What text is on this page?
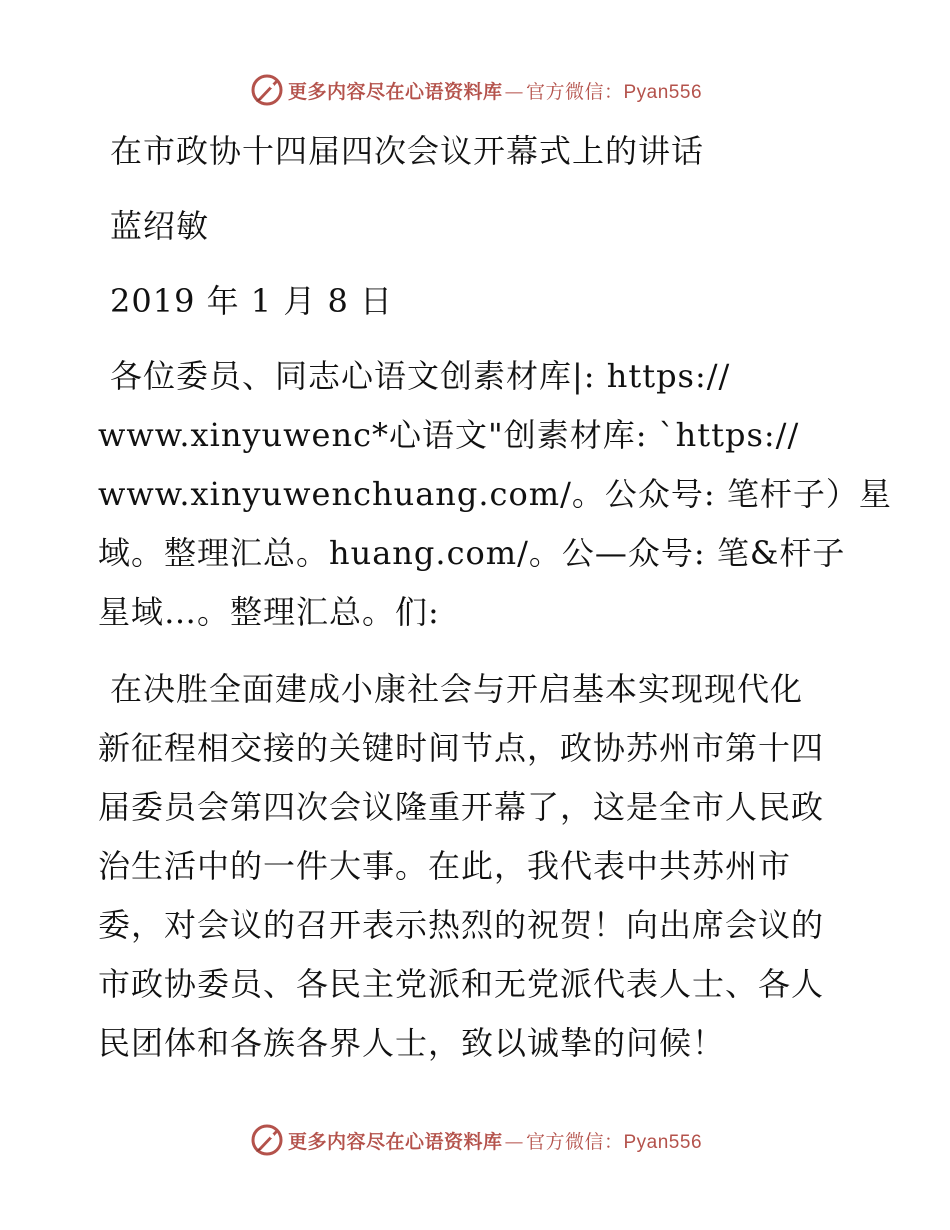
更多内容尽在心语资料库 — 官方微信：Pyan556
在市政协十四届四次会议开幕式上的讲话
蓝绍敏
2019 年 1 月 8 日
各位委员、同志心语文创素材库|: https://
www.xinyuwenc*心语文"创素材库: `https://
www.xinyuwenchuang.com/。公众号: 笔杆子）星
域。整理汇总。huang.com/。公—众号: 笔&杆子
星域…。整理汇总。们:
在决胜全面建成小康社会与开启基本实现现代化
新征程相交接的关键时间节点，政协苏州市第十四
届委员会第四次会议隆重开幕了，这是全市人民政
治生活中的一件大事。在此，我代表中共苏州市
委，对会议的召开表示热烈的祝贺！向出席会议的
市政协委员、各民主党派和无党派代表人士、各人
民团体和各族各界人士，致以诚挚的问候！
更多内容尽在心语资料库 — 官方微信：Pyan556
